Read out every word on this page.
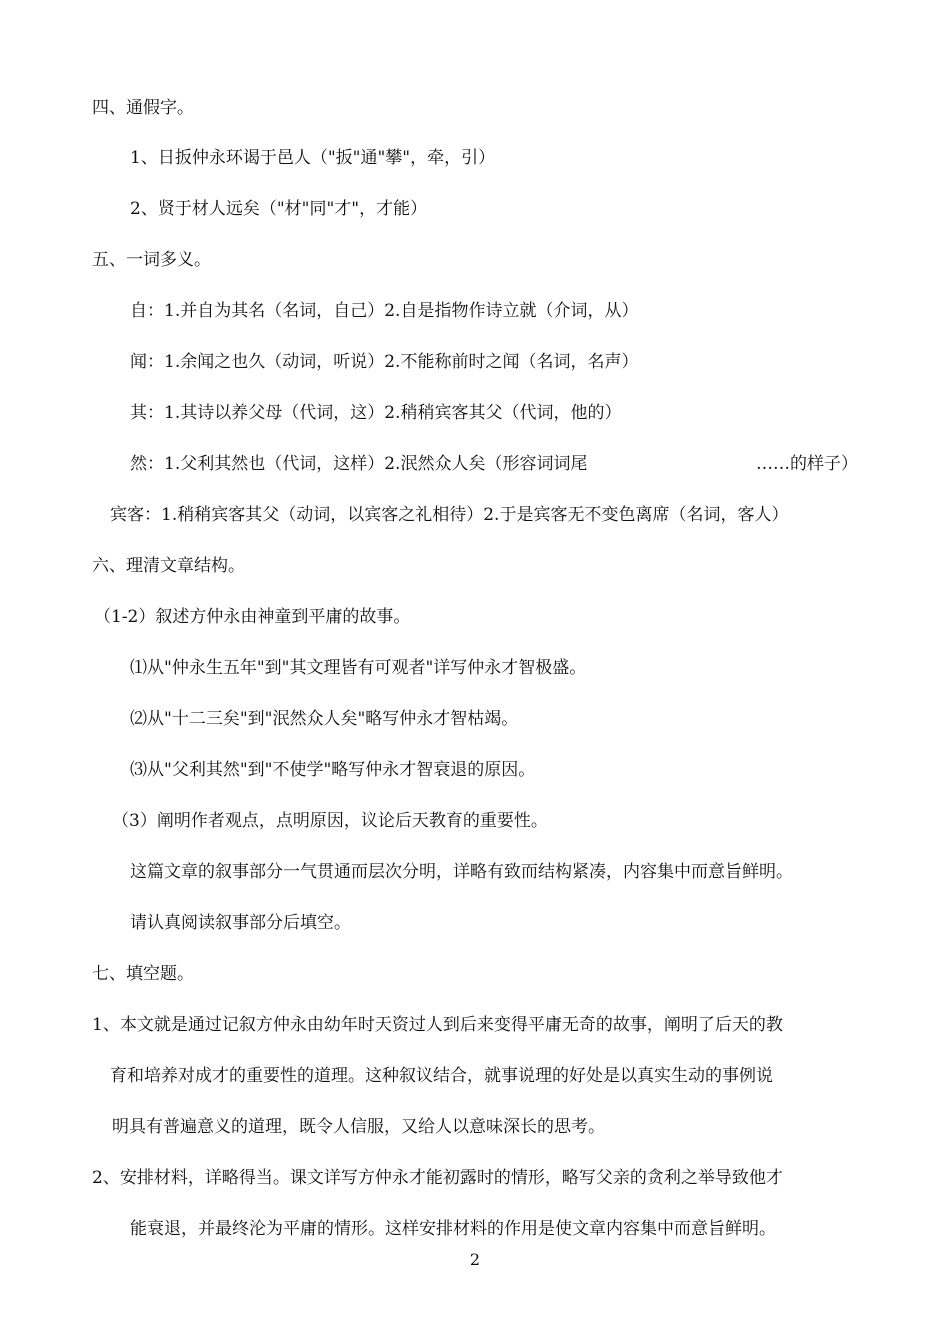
四、通假字。
1、日扳仲永环谒于邑人（"扳"通"攀"，牵，引）
2、贤于材人远矣（"材"同"才"，才能）
五、一词多义。
自：1.并自为其名（名词，自己）2.自是指物作诗立就（介词，从）
闻：1.余闻之也久（动词，听说）2.不能称前时之闻（名词，名声）
其：1.其诗以养父母（代词，这）2.稍稍宾客其父（代词，他的）
然：1.父利其然也（代词，这样）2.泯然众人矣（形容词词尾	……的样子）
宾客：1.稍稍宾客其父（动词，以宾客之礼相待）2.于是宾客无不变色离席（名词，客人）
六、理清文章结构。
（1-2）叙述方仲永由神童到平庸的故事。
⑴从"仲永生五年"到"其文理皆有可观者"详写仲永才智极盛。
⑵从"十二三矣"到"泯然众人矣"略写仲永才智枯竭。
⑶从"父利其然"到"不使学"略写仲永才智衰退的原因。
（3）阐明作者观点，点明原因，议论后天教育的重要性。
这篇文章的叙事部分一气贯通而层次分明，详略有致而结构紧凑，内容集中而意旨鲜明。
请认真阅读叙事部分后填空。
七、填空题。
1、本文就是通过记叙方仲永由幼年时天资过人到后来变得平庸无奇的故事，阐明了后天的教
育和培养对成才的重要性的道理。这种叙议结合，就事说理的好处是以真实生动的事例说
明具有普遍意义的道理，既令人信服，又给人以意味深长的思考。
2、安排材料，详略得当。课文详写方仲永才能初露时的情形，略写父亲的贪利之举导致他才
能衰退，并最终沦为平庸的情形。这样安排材料的作用是使文章内容集中而意旨鲜明。
2
